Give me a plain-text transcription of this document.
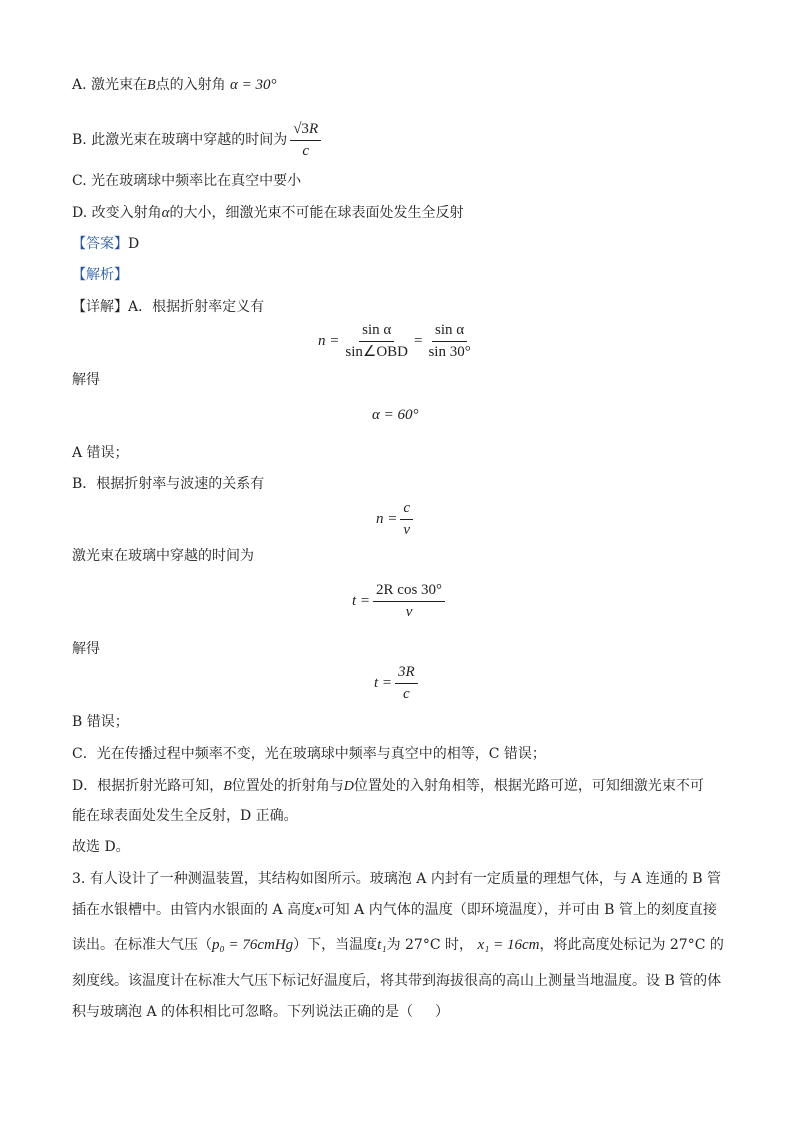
A. 激光束在B点的入射角 α = 30°
B. 此激光束在玻璃中穿越的时间为 $\frac{√3R}{c}$
C. 光在玻璃球中频率比在真空中要小
D. 改变入射角α的大小，细激光束不可能在球表面处发生全反射
【答案】D
【解析】
【详解】A．根据折射率定义有
$n = \frac{\text{sin α}}{\text{sin∠OBD}} = \frac{\text{sin α}}{\sin 30^\circ}$
解得
α = 60°
A 错误；
B．根据折射率与波速的关系有
$n = \frac{c}{v}$
激光束在玻璃中穿越的时间为
$t = \frac{\text{2R cos 30°}}{v}$
解得
$t = \frac{3R}{c}$
B 错误；
C．光在传播过程中频率不变，光在玻璃球中频率与真空中的相等，C 错误；
D．根据折射光路可知，B位置处的折射角与D位置处的入射角相等，根据光路可逆，可知细激光束不可
能在球表面处发生全反射，D 正确。
故选 D。
3. 有人设计了一种测温装置，其结构如图所示。玻璃泡 A 内封有一定质量的理想气体，与 A 连通的 B 管
插在水银槽中。由管内水银面的 A 高度x可知 A 内气体的温度（即环境温度），并可由 B 管上的刻度直接
读出。在标准大气压（p₀ = 76cmHg）下，当温度t₁为 27°C 时， x₁ = 16cm，将此高度处标记为 27°C 的
刻度线。该温度计在标准大气压下标记好温度后，将其带到海拔很高的高山上测量当地温度。设 B 管的体
积与玻璃泡 A 的体积相比可忽略。下列说法正确的是（ ）
